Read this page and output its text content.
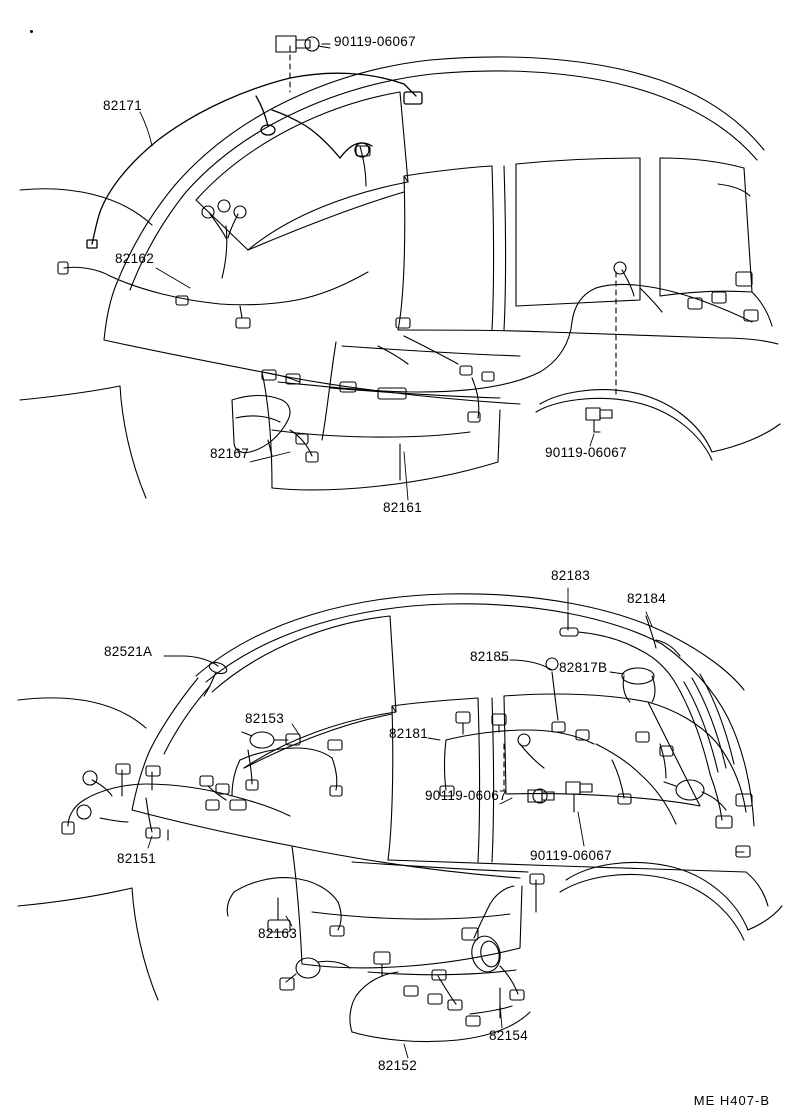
90119-06067
82171
82162
82167
82161
90119-06067
82183
82184
82521A	82185
82817B
82153
82181
90119-06067
90119-06067
82151
82163
82154
82152
ME H407-B
